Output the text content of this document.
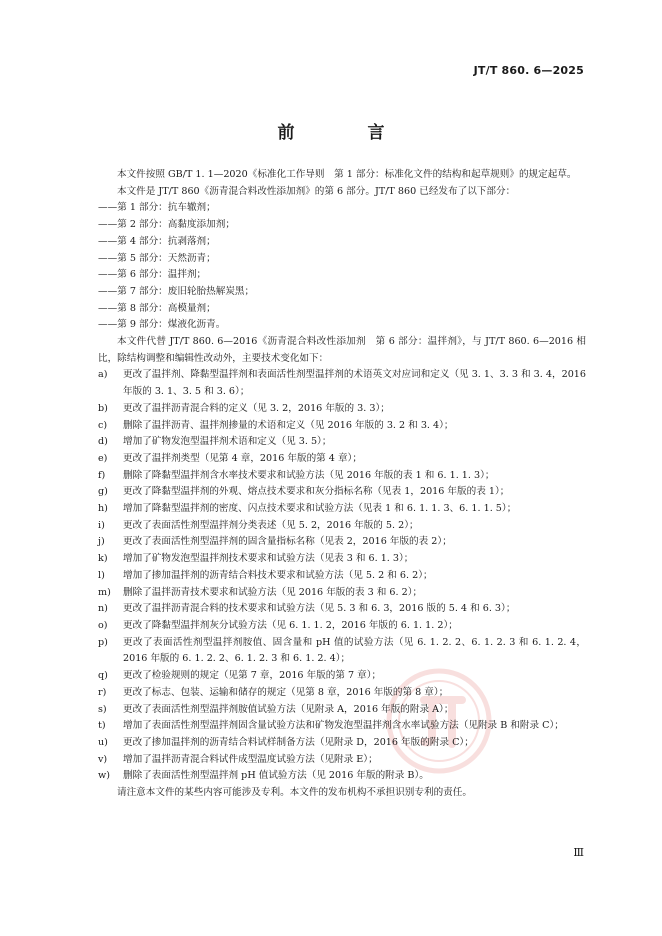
JT/T 860. 6—2025
前　言

本文件按照 GB/T 1. 1—2020《标准化工作导则　第 1 部分：标准化文件的结构和起草规则》的规定起草。

本文件是 JT/T 860《沥青混合料改性添加剂》的第 6 部分。JT/T 860 已经发布了以下部分：

——第 1 部分：抗车辙剂；

——第 2 部分：高黏度添加剂；

——第 4 部分：抗剥落剂；

——第 5 部分：天然沥青；

——第 6 部分：温拌剂；

——第 7 部分：废旧轮胎热解炭黑；

——第 8 部分：高模量剂；

——第 9 部分：煤液化沥青。

本文件代替 JT/T 860. 6—2016《沥青混合料改性添加剂　第 6 部分：温拌剂》，与 JT/T 860. 6—2016 相比，除结构调整和编辑性改动外，主要技术变化如下：

a)	更改了温拌剂、降黏型温拌剂和表面活性剂型温拌剂的术语英文对应词和定义（见 3. 1、3. 3 和 3. 4，2016 年版的 3. 1、3. 5 和 3. 6）；
b)	更改了温拌沥青混合料的定义（见 3. 2，2016 年版的 3. 3）；
c)	删除了温拌沥青、温拌剂掺量的术语和定义（见 2016 年版的 3. 2 和 3. 4）；
d)	增加了矿物发泡型温拌剂术语和定义（见 3. 5）；
e)	更改了温拌剂类型（见第 4 章，2016 年版的第 4 章）；
f)	删除了降黏型温拌剂含水率技术要求和试验方法（见 2016 年版的表 1 和 6. 1. 1. 3）；
g)	更改了降黏型温拌剂的外观、熔点技术要求和灰分指标名称（见表 1，2016 年版的表 1）；
h)	增加了降黏型温拌剂的密度、闪点技术要求和试验方法（见表 1 和 6. 1. 1. 3、6. 1. 1. 5）；
i)	更改了表面活性剂型温拌剂分类表述（见 5. 2，2016 年版的 5. 2）；
j)	更改了表面活性剂型温拌剂的固含量指标名称（见表 2，2016 年版的表 2）；
k)	增加了矿物发泡型温拌剂技术要求和试验方法（见表 3 和 6. 1. 3）；
l)	增加了掺加温拌剂的沥青结合料技术要求和试验方法（见 5. 2 和 6. 2）；
m)	删除了温拌沥青技术要求和试验方法（见 2016 年版的表 3 和 6. 2）；
n)	更改了温拌沥青混合料的技术要求和试验方法（见 5. 3 和 6. 3，2016 版的 5. 4 和 6. 3）；
o)	更改了降黏型温拌剂灰分试验方法（见 6. 1. 1. 2，2016 年版的 6. 1. 1. 2）；
p)	更改了表面活性剂型温拌剂胺值、固含量和 pH 值的试验方法（见 6. 1. 2. 2、6. 1. 2. 3 和 6. 1. 2. 4，2016 年版的 6. 1. 2. 2、6. 1. 2. 3 和 6. 1. 2. 4）；
q)	更改了检验规则的规定（见第 7 章，2016 年版的第 7 章）；
r)	更改了标志、包装、运输和储存的规定（见第 8 章，2016 年版的第 8 章）；
s)	更改了表面活性剂型温拌剂胺值试验方法（见附录 A，2016 年版的附录 A）；
t)	增加了表面活性剂型温拌剂固含量试验方法和矿物发泡型温拌剂含水率试验方法（见附录 B 和附录 C）；
u)	更改了掺加温拌剂的沥青结合料试样制备方法（见附录 D，2016 年版的附录 C）；
v)	增加了温拌沥青混合料试件成型温度试验方法（见附录 E）；
w)	删除了表面活性剂型温拌剂 pH 值试验方法（见 2016 年版的附录 B）。

请注意本文件的某些内容可能涉及专利。本文件的发布机构不承担识别专利的责任。

Ⅲ
